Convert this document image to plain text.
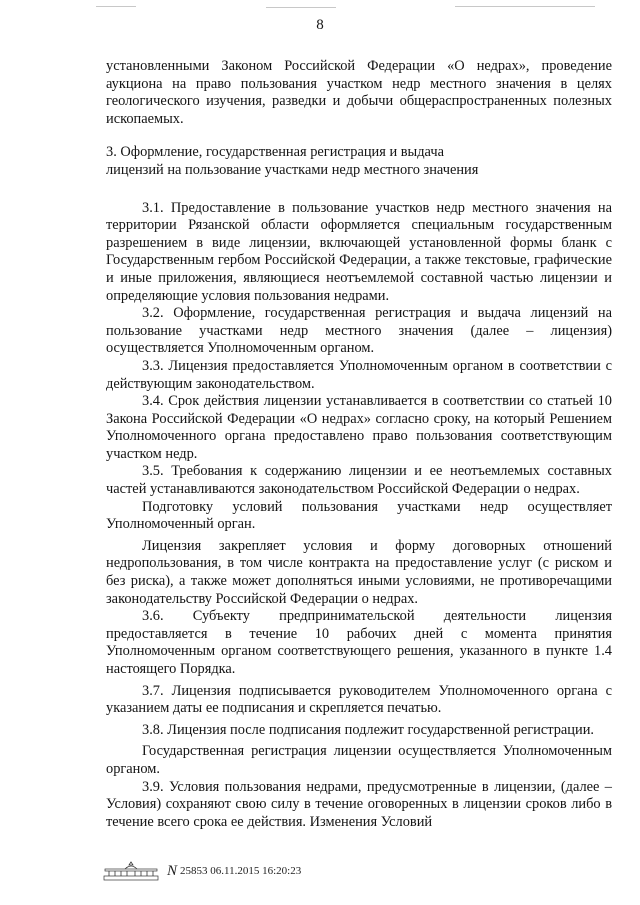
8

установленными Законом Российской Федерации «О недрах», проведение аукциона на право пользования участком недр местного значения в целях геологического изучения, разведки и добычи общераспространенных полезных ископаемых.

3. Оформление, государственная регистрация и выдача

лицензий на пользование участками недр местного значения

3.1. Предоставление в пользование участков недр местного значения на территории Рязанской области оформляется специальным государственным разрешением в виде лицензии, включающей установленной формы бланк с Государственным гербом Российской Федерации, а также текстовые, графические и иные приложения, являющиеся неотъемлемой составной частью лицензии и определяющие условия пользования недрами.

3.2. Оформление, государственная регистрация и выдача лицензий на пользование участками недр местного значения (далее – лицензия) осуществляется Уполномоченным органом.

3.3. Лицензия предоставляется Уполномоченным органом в соответствии с действующим законодательством.

3.4. Срок действия лицензии устанавливается в соответствии со статьей 10 Закона Российской Федерации «О недрах» согласно сроку, на который Решением Уполномоченного органа предоставлено право пользования соответствующим участком недр.

3.5. Требования к содержанию лицензии и ее неотъемлемых составных частей устанавливаются законодательством Российской Федерации о недрах.

Подготовку условий пользования участками недр осуществляет Уполномоченный орган.

Лицензия закрепляет условия и форму договорных отношений недропользования, в том числе контракта на предоставление услуг (с риском и без риска), а также может дополняться иными условиями, не противоречащими законодательству Российской Федерации о недрах.

3.6. Субъекту предпринимательской деятельности лицензия предоставляется в течение 10 рабочих дней с момента принятия Уполномоченным органом соответствующего решения, указанного в пункте 1.4 настоящего Порядка.

3.7. Лицензия подписывается руководителем Уполномоченного органа с указанием даты ее подписания и скрепляется печатью.

3.8. Лицензия после подписания подлежит государственной регистрации.

Государственная регистрация лицензии осуществляется Уполномоченным органом.

3.9. Условия пользования недрами, предусмотренные в лицензии, (далее – Условия) сохраняют свою силу в течение оговоренных в лицензии сроков либо в течение всего срока ее действия. Изменения Условий

N 25853 06.11.2015 16:20:23
